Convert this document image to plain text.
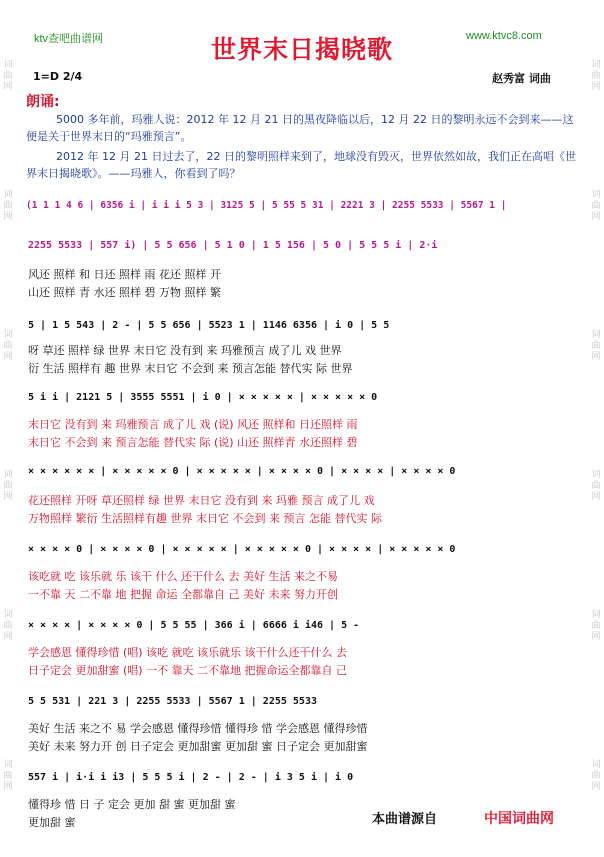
词曲网
词曲网
词曲网
词曲网
词曲网
词曲网
词曲网
词曲网
词曲网
词曲网
词曲网
词曲网
ktv查吧曲谱网	世界末日揭晓歌	www.ktvc8.com
1=D 2/4	赵秀富 词曲
朗诵:

5000 多年前，玛雅人说：2012 年 12 月 21 日的黑夜降临以后，12 月 22 日的黎明永远不会到来——这便是关于世界末日的“玛雅预言”。

2012 年 12 月 21 日过去了，22 日的黎明照样来到了，地球没有毁灭，世界依然如故，我们正在高唱《世界末日揭晓歌》。——玛雅人，你看到了吗？

(1 1 1 4 6 | 6356 i | i i i 5 3 | 3125 5 | 5 55 5 31 | 2221 3 | 2255 5533 | 5567 1 |
2255 5533 | 557 i) | 5 5 656 | 5 1 0 | 1 5 156 | 5 0 | 5 5 5 i | 2·i
风还 照样 和 日还 照样 雨 花还 照样 开
山还 照样 青 水还 照样 碧 万物 照样 繁
5 | 1 5 543 | 2 - | 5 5 656 | 5523 1 | 1146 6356 | i 0 | 5 5
呀 草还 照样 绿 世界 末日它 没有到 来 玛雅预言 成了儿 戏 世界
衍 生活 照样有 趣 世界 末日它 不会到 来 预言怎能 替代实 际 世界
5 i i | 2121 5 | 3555 5551 | i 0 | × × × × × | × × × × × 0
末日它 没有到 来 玛雅预言 成了儿 戏 (说) 风还 照样和 日还照样 雨
末日它 不会到 来 预言怎能 替代实 际 (说) 山还 照样青 水还照样 碧
× × × × × × | × × × × × 0 | × × × × × | × × × × 0 | × × × × | × × × × 0
花还照样 开呀 草还照样 绿 世界 末日它 没有到 来 玛雅 预言 成了儿 戏
万物照样 繁衍 生活照样有趣 世界 末日它 不会到 来 预言 怎能 替代实 际
× × × × 0 | × × × × 0 | × × × × × | × × × × × 0 | × × × × | × × × × × 0
该吃就 吃 该乐就 乐 该干 什么 还干什么 去 美好 生活 来之不易
一不靠 天 二不靠 地 把握 命运 全都靠自 己 美好 未来 努力开创
× × × × | × × × × 0 | 5 5 55 | 366 i | 6666 i i46 | 5 -
学会感恩 懂得珍惜 (唱) 该吃 就吃 该乐就乐 该干什么还干什么 去
日子定会 更加甜蜜 (唱) 一不 靠天 二不靠地 把握命运全都靠自 己
5 5 531 | 221 3 | 2255 5533 | 5567 1 | 2255 5533
美好 生活 来之不 易 学会感恩 懂得珍惜 懂得珍 惜 学会感恩 懂得珍惜
美好 未来 努力开 创 日子定会 更加甜蜜 更加甜 蜜 日子定会 更加甜蜜
557 i | i·i i i3 | 5 5 5 i | 2 - | 2 - | i 3 5 i | i 0
懂得珍 惜 日 子 定会 更加 甜 蜜 更加甜 蜜
更加甜 蜜	本曲谱源自	中国词曲网
